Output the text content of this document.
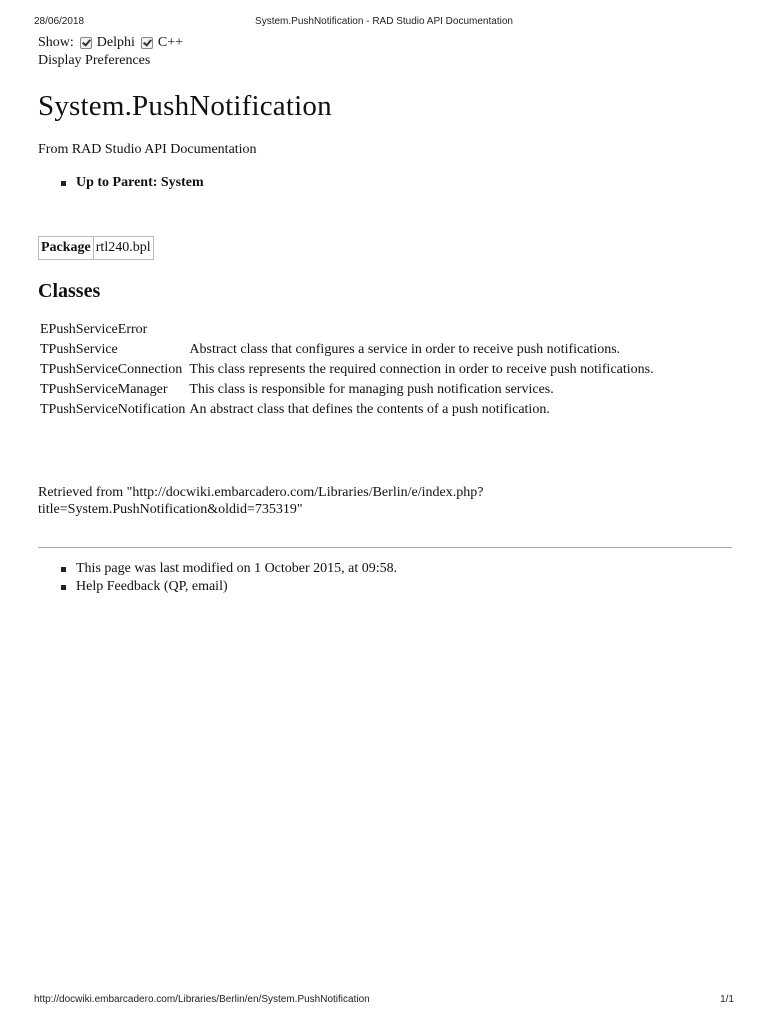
28/06/2018	System.PushNotification - RAD Studio API Documentation
Show: Delphi C++
Display Preferences
System.PushNotification
From RAD Studio API Documentation
Up to Parent: System
Package	rtl240.bpl
Classes
EPushServiceError	
TPushService	Abstract class that configures a service in order to receive push notifications.
TPushServiceConnection	This class represents the required connection in order to receive push notifications.
TPushServiceManager	This class is responsible for managing push notification services.
TPushServiceNotification	An abstract class that defines the contents of a push notification.
Retrieved from "http://docwiki.embarcadero.com/Libraries/Berlin/e/index.php?
title=System.PushNotification&oldid=735319"
This page was last modified on 1 October 2015, at 09:58.
Help Feedback (QP, email)
http://docwiki.embarcadero.com/Libraries/Berlin/en/System.PushNotification	1/1
